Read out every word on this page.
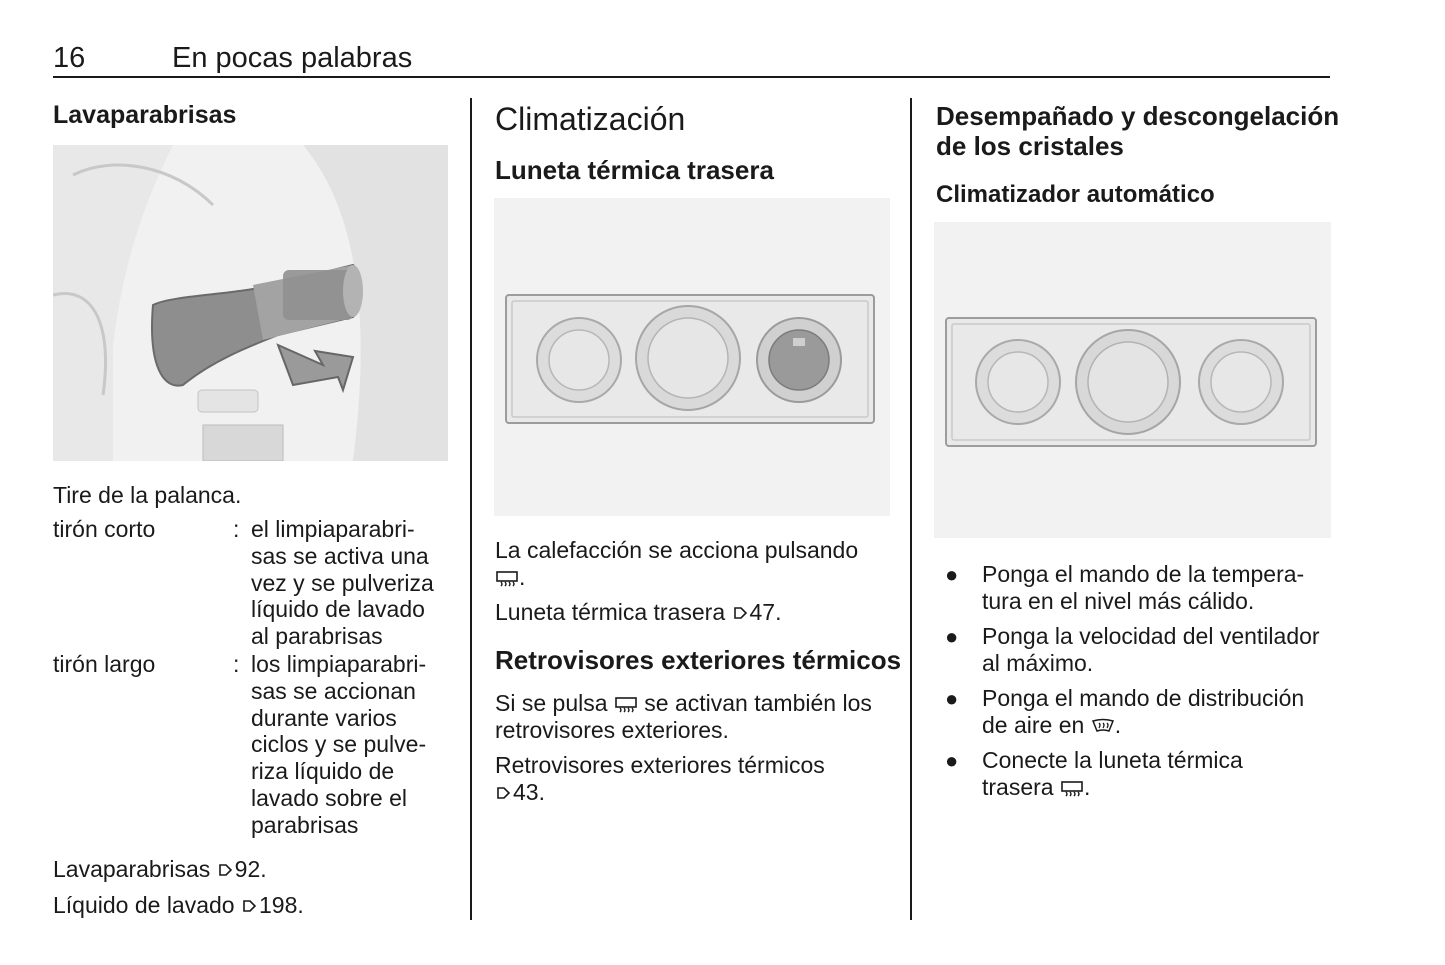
16	En pocas palabras
Lavaparabrisas

Tire de la palanca.

tirón corto	: el limpiaparabri-
sas se activa una
vez y se pulveriza
líquido de lavado
al parabrisas
tirón largo	: los limpiaparabri-
sas se accionan
durante varios
ciclos y se pulve-
riza líquido de
lavado sobre el
parabrisas

Lavaparabrisas 92.

Líquido de lavado 198.

Climatización
Luneta térmica trasera

La calefacción se acciona pulsando
.

Luneta térmica trasera 47.

Retrovisores exteriores térmicos

Si se pulsa se activan también los
retrovisores exteriores.

Retrovisores exteriores térmicos
43.

Desempañado y descongelación
de los cristales
Climatizador automático
● Ponga el mando de la tempera-
tura en el nivel más cálido.

● Ponga la velocidad del ventilador
al máximo.

● Ponga el mando de distribución
de aire en .

● Conecte la luneta térmica
trasera .
